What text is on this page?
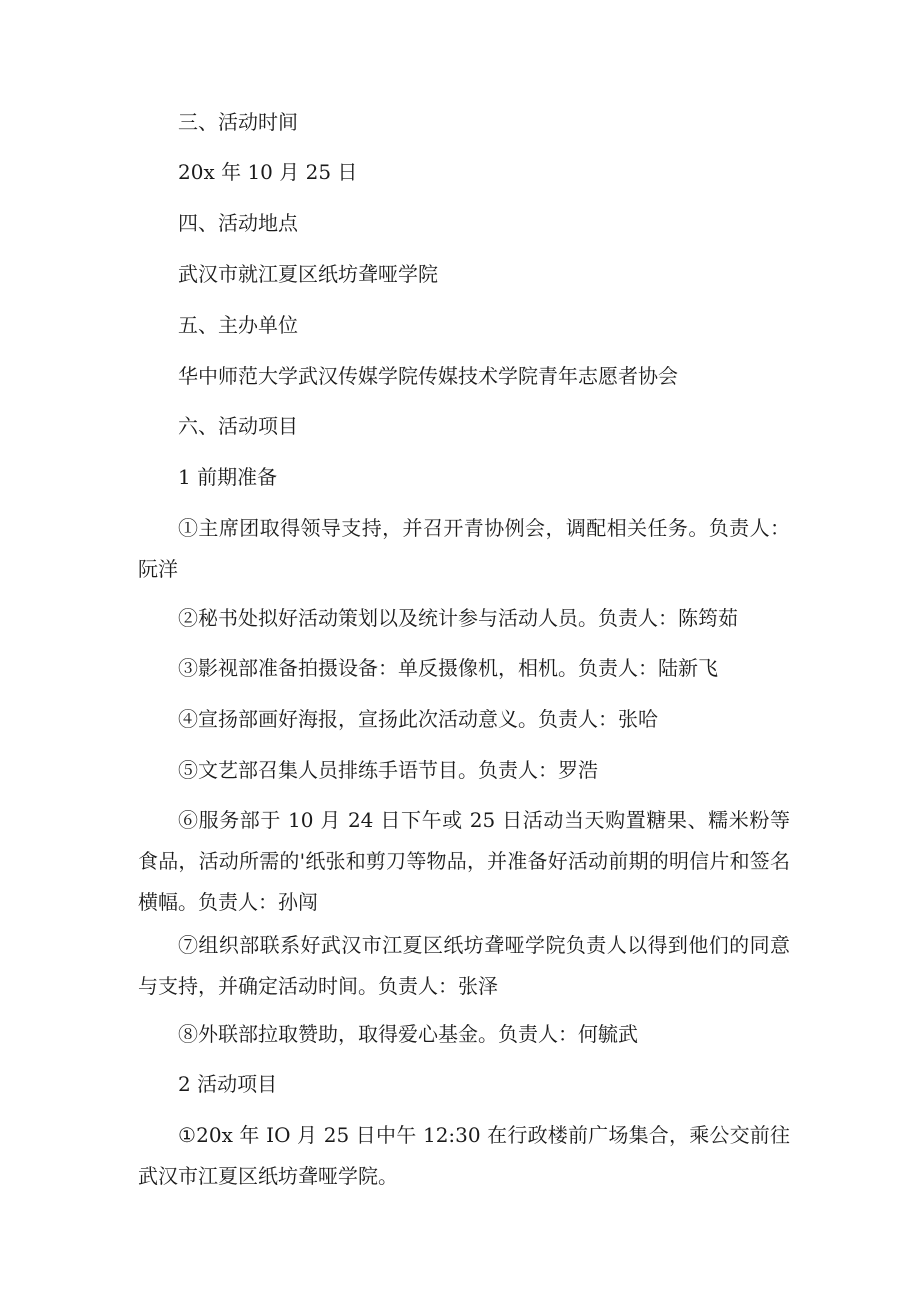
三、活动时间

20x 年 10 月 25 日

四、活动地点

武汉市就江夏区纸坊聋哑学院

五、主办单位

华中师范大学武汉传媒学院传媒技术学院青年志愿者协会

六、活动项目

1 前期准备

①主席团取得领导支持，并召开青协例会，调配相关任务。负责人：阮洋

②秘书处拟好活动策划以及统计参与活动人员。负责人：陈筠茹

③影视部准备拍摄设备：单反摄像机，相机。负责人：陆新飞

④宣扬部画好海报，宣扬此次活动意义。负责人：张哈

⑤文艺部召集人员排练手语节目。负责人：罗浩

⑥服务部于 10 月 24 日下午或 25 日活动当天购置糖果、糯米粉等食品，活动所需的'纸张和剪刀等物品，并准备好活动前期的明信片和签名横幅。负责人：孙闯

⑦组织部联系好武汉市江夏区纸坊聋哑学院负责人以得到他们的同意与支持，并确定活动时间。负责人：张泽

⑧外联部拉取赞助，取得爱心基金。负责人：何毓武

2 活动项目

①20x 年 IO 月 25 日中午 12:30 在行政楼前广场集合，乘公交前往武汉市江夏区纸坊聋哑学院。
